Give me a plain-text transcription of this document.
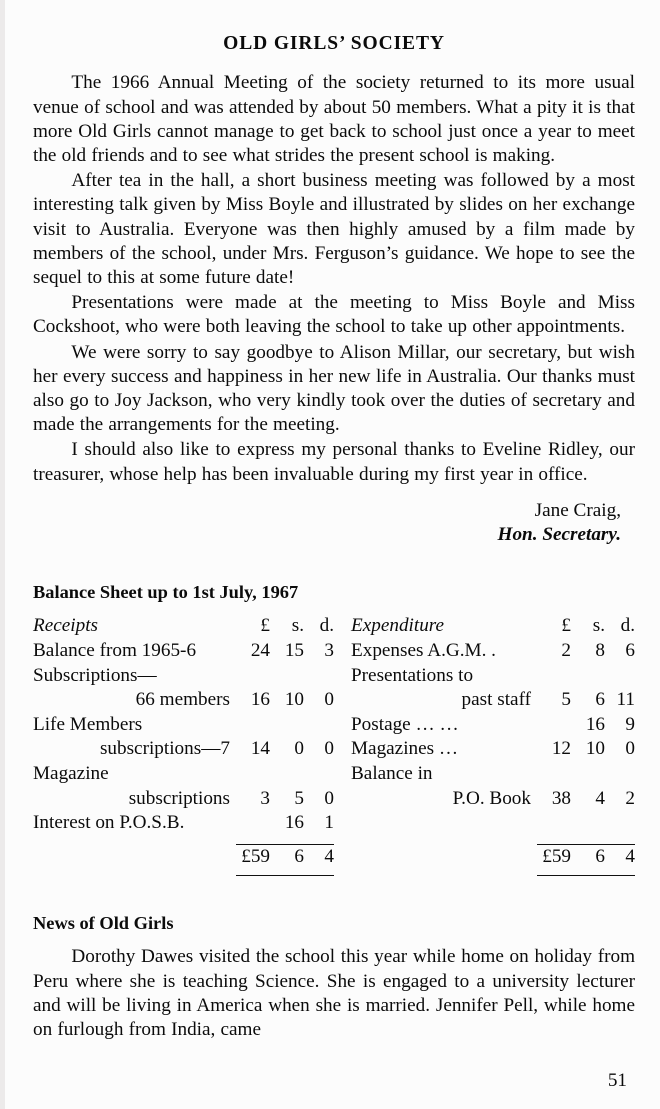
OLD GIRLS’ SOCIETY

The 1966 Annual Meeting of the society returned to its more usual venue of school and was attended by about 50 members. What a pity it is that more Old Girls cannot manage to get back to school just once a year to meet the old friends and to see what strides the present school is making.

After tea in the hall, a short business meeting was followed by a most interesting talk given by Miss Boyle and illustrated by slides on her exchange visit to Australia. Everyone was then highly amused by a film made by members of the school, under Mrs. Ferguson’s guidance. We hope to see the sequel to this at some future date!

Presentations were made at the meeting to Miss Boyle and Miss Cockshoot, who were both leaving the school to take up other appointments.

We were sorry to say goodbye to Alison Millar, our secretary, but wish her every success and happiness in her new life in Australia. Our thanks must also go to Joy Jackson, who very kindly took over the duties of secretary and made the arrangements for the meeting.

I should also like to express my personal thanks to Eveline Ridley, our treasurer, whose help has been invaluable during my first year in office.

Jane Craig,
Hon. Secretary.
Balance Sheet up to 1st July, 1967
Receipts		£	s.	d.
Balance from 1965-6		24	15	3
Subscriptions—				
66 members		16	10	0
Life Members				
subscriptions—7		14	0	0
Magazine				
subscriptions		3	5	0
Interest on P.O.S.B.			16	1

		£59	6	4

Expenditure		£	s.	d.
Expenses A.G.M. .		2	8	6
Presentations to				
past staff		5	6	11
Postage … …			16	9
Magazines …		12	10	0
Balance in				
P.O. Book		38	4	2

		£59	6	4

News of Old Girls

Dorothy Dawes visited the school this year while home on holiday from Peru where she is teaching Science. She is engaged to a university lecturer and will be living in America when she is married. Jennifer Pell, while home on furlough from India, came

51
